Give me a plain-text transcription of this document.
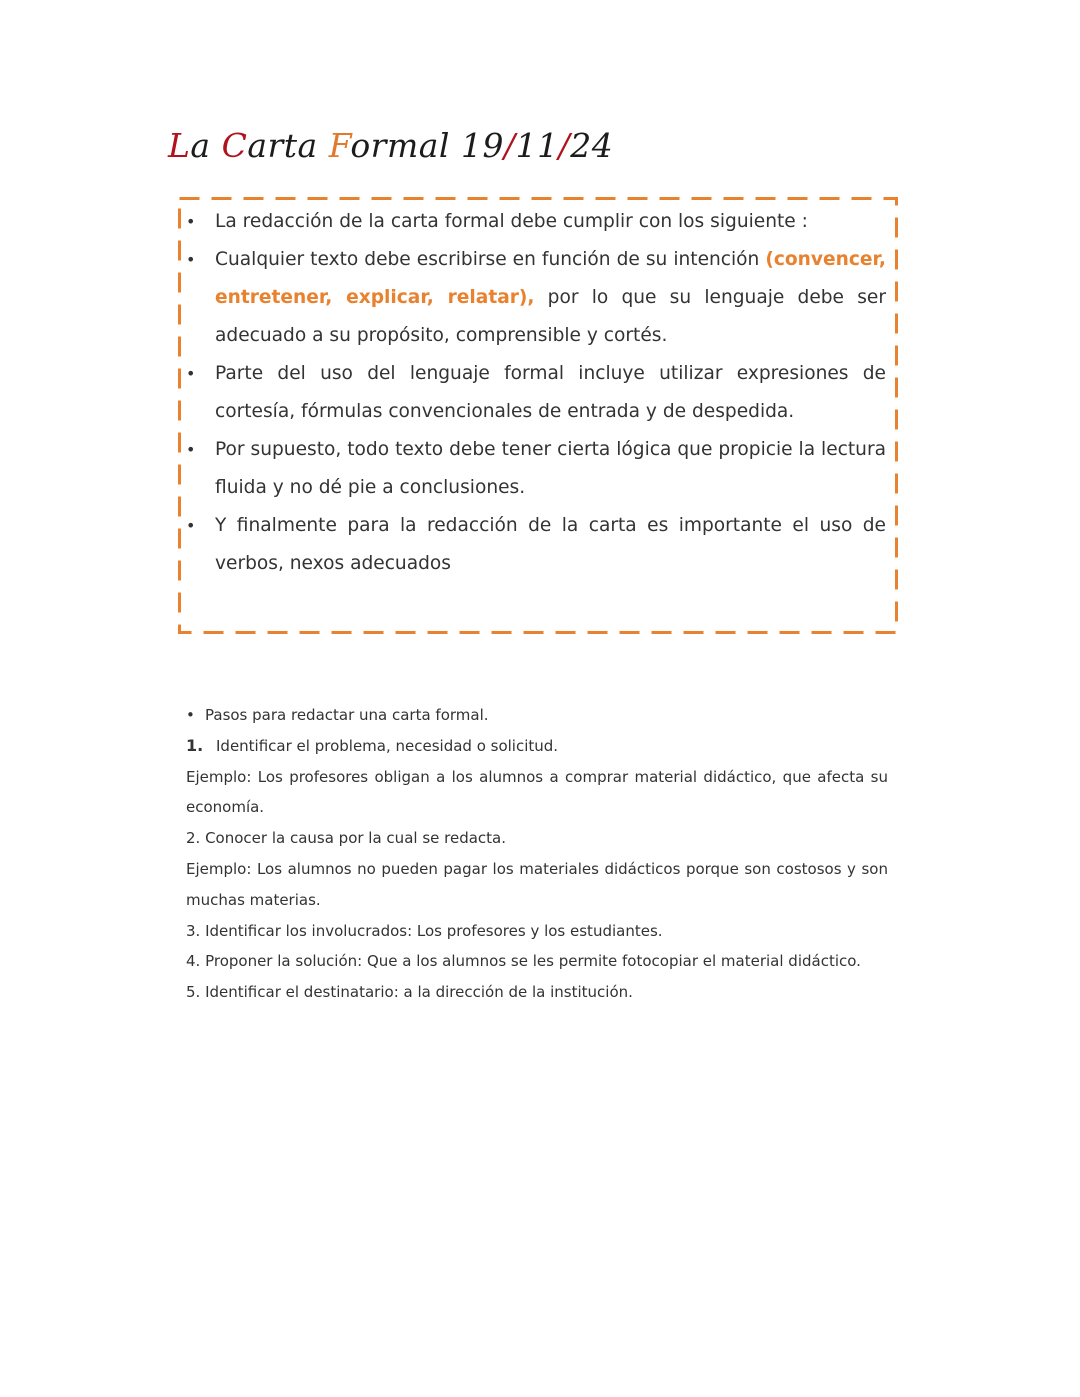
La Carta Formal 19/11/24
• La redacción de la carta formal debe cumplir con los siguiente :
• Cualquier texto debe escribirse en función de su intención (convencer, entretener, explicar, relatar), por lo que su lenguaje debe ser adecuado a su propósito, comprensible y cortés.
• Parte del uso del lenguaje formal incluye utilizar expresiones de cortesía, fórmulas convencionales de entrada y de despedida.
• Por supuesto, todo texto debe tener cierta lógica que propicie la lectura fluida y no dé pie a conclusiones.
• Y finalmente para la redacción de la carta es importante el uso de verbos, nexos adecuados

• Pasos para redactar una carta formal.

1. Identificar el problema, necesidad o solicitud.

Ejemplo: Los profesores obligan a los alumnos a comprar material didáctico, que afecta su economía.

2. Conocer la causa por la cual se redacta.

Ejemplo: Los alumnos no pueden pagar los materiales didácticos porque son costosos y son muchas materias.

3. Identificar los involucrados: Los profesores y los estudiantes.

4. Proponer la solución: Que a los alumnos se les permite fotocopiar el material didáctico.

5. Identificar el destinatario: a la dirección de la institución.
